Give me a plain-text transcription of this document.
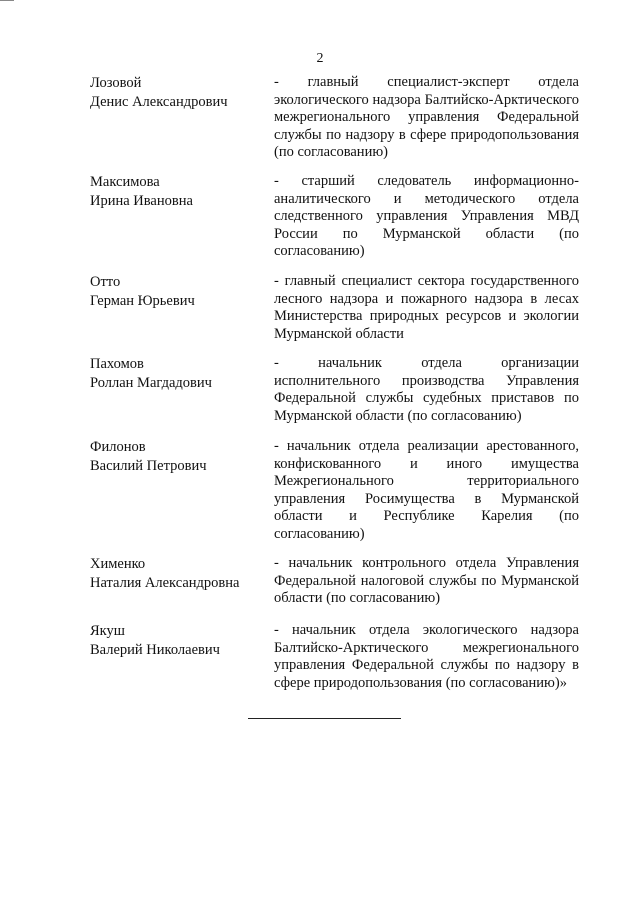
2
Лозовой
Денис Александрович
- главный специалист-эксперт отдела экологического надзора Балтийско-Арктического межрегионального управления Федеральной службы по надзору в сфере природопользования (по согласованию)
Максимова
Ирина Ивановна
- старший следователь информационно-аналитического и методического отдела следственного управления Управления МВД России по Мурманской области (по согласованию)
Отто
Герман Юрьевич
- главный специалист сектора государственного лесного надзора и пожарного надзора в лесах Министерства природных ресурсов и экологии Мурманской области
Пахомов
Роллан Магдадович
- начальник отдела организации исполнительного производства Управления Федеральной службы судебных приставов по Мурманской области (по согласованию)
Филонов
Василий Петрович
- начальник отдела реализации арестованного, конфискованного и иного имущества Межрегионального территориального управления Росимущества в Мурманской области и Республике Карелия (по согласованию)
Хименко
Наталия Александровна
- начальник контрольного отдела Управления Федеральной налоговой службы по Мурманской области (по согласованию)
Якуш
Валерий Николаевич
- начальник отдела экологического надзора Балтийско-Арктического межрегионального управления Федеральной службы по надзору в сфере природопользования (по согласованию)»
